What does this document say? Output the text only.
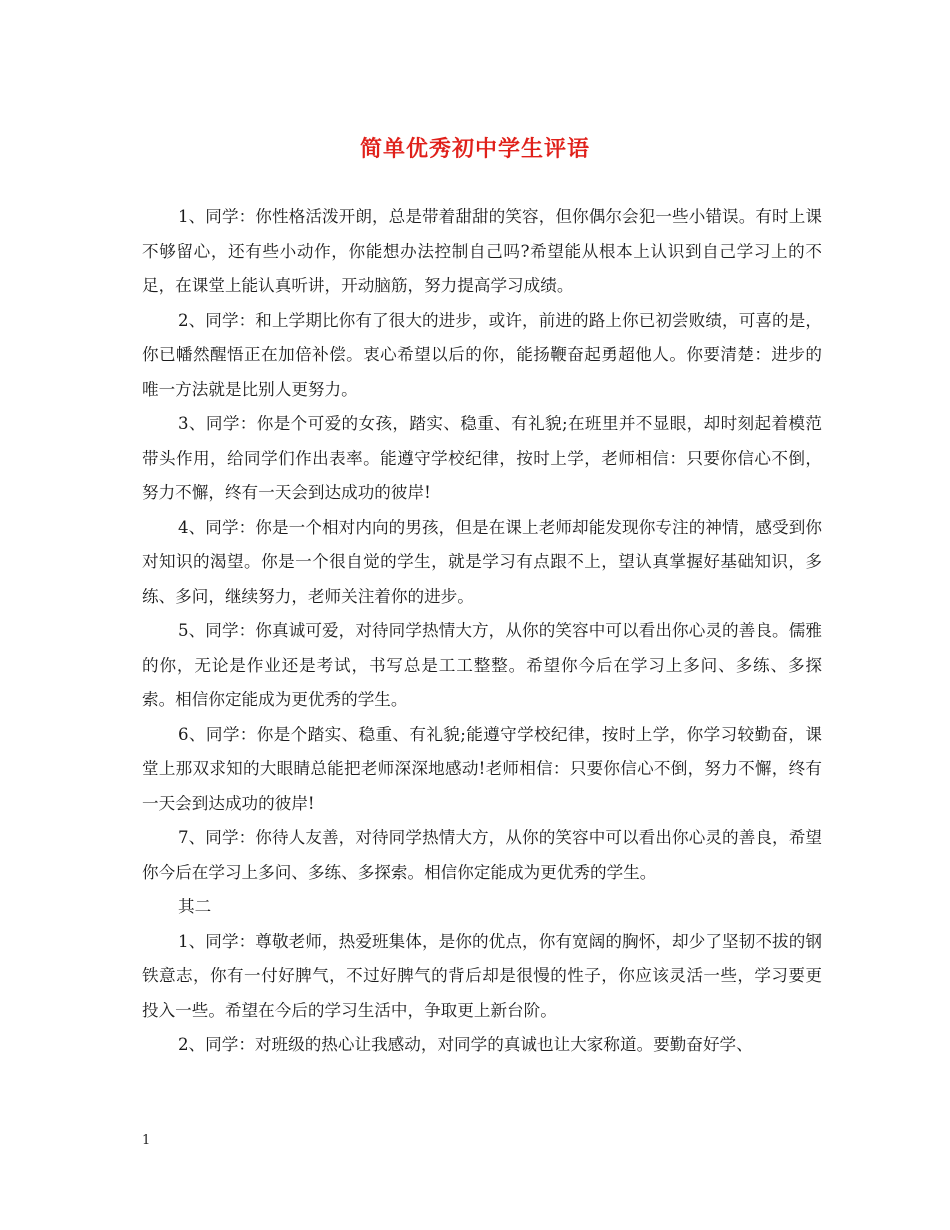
简单优秀初中学生评语

1、同学：你性格活泼开朗，总是带着甜甜的笑容，但你偶尔会犯一些小错误。有时上课不够留心，还有些小动作，你能想办法控制自己吗?希望能从根本上认识到自己学习上的不足，在课堂上能认真听讲，开动脑筋，努力提高学习成绩。

2、同学：和上学期比你有了很大的进步，或许，前进的路上你已初尝败绩，可喜的是，你已幡然醒悟正在加倍补偿。衷心希望以后的你，能扬鞭奋起勇超他人。你要清楚：进步的唯一方法就是比别人更努力。

3、同学：你是个可爱的女孩，踏实、稳重、有礼貌;在班里并不显眼，却时刻起着模范带头作用，给同学们作出表率。能遵守学校纪律，按时上学，老师相信：只要你信心不倒，努力不懈，终有一天会到达成功的彼岸!

4、同学：你是一个相对内向的男孩，但是在课上老师却能发现你专注的神情，感受到你对知识的渴望。你是一个很自觉的学生，就是学习有点跟不上，望认真掌握好基础知识，多练、多问，继续努力，老师关注着你的进步。

5、同学：你真诚可爱，对待同学热情大方，从你的笑容中可以看出你心灵的善良。儒雅的你，无论是作业还是考试，书写总是工工整整。希望你今后在学习上多问、多练、多探索。相信你定能成为更优秀的学生。

6、同学：你是个踏实、稳重、有礼貌;能遵守学校纪律，按时上学，你学习较勤奋，课堂上那双求知的大眼睛总能把老师深深地感动!老师相信：只要你信心不倒，努力不懈，终有一天会到达成功的彼岸!

7、同学：你待人友善，对待同学热情大方，从你的笑容中可以看出你心灵的善良，希望你今后在学习上多问、多练、多探索。相信你定能成为更优秀的学生。

其二

1、同学：尊敬老师，热爱班集体，是你的优点，你有宽阔的胸怀，却少了坚韧不拔的钢铁意志，你有一付好脾气，不过好脾气的背后却是很慢的性子，你应该灵活一些，学习要更投入一些。希望在今后的学习生活中，争取更上新台阶。

2、同学：对班级的热心让我感动，对同学的真诚也让大家称道。要勤奋好学、

1
